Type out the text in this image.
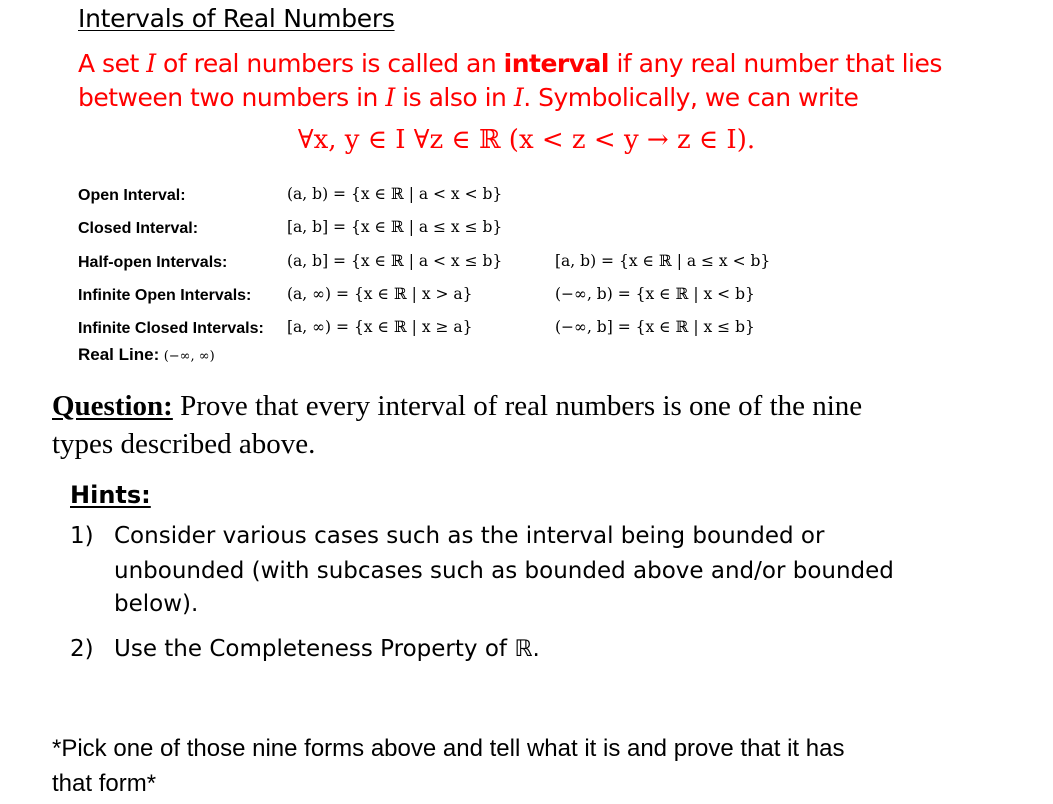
Intervals of Real Numbers
A set I of real numbers is called an interval if any real number that lies
between two numbers in I is also in I. Symbolically, we can write
∀x, y ∈ I ∀z ∈ ℝ (x < z < y → z ∈ I).
Open Interval:	(a, b) = {x ∈ ℝ | a < x < b}
Closed Interval:	[a, b] = {x ∈ ℝ | a ≤ x ≤ b}
Half-open Intervals:	(a, b] = {x ∈ ℝ | a < x ≤ b}	[a, b) = {x ∈ ℝ | a ≤ x < b}
Infinite Open Intervals: (a, ∞) = {x ∈ ℝ | x > a}	(−∞, b) = {x ∈ ℝ | x < b}
Infinite Closed Intervals: [a, ∞) = {x ∈ ℝ | x ≥ a}	(−∞, b] = {x ∈ ℝ | x ≤ b}
Real Line: (−∞, ∞)
Question: Prove that every interval of real numbers is one of the nine
types described above.
Hints:
1) Consider various cases such as the interval being bounded or
unbounded (with subcases such as bounded above and/or bounded
below).
2) Use the Completeness Property of ℝ.
*Pick one of those nine forms above and tell what it is and prove that it has
that form*
